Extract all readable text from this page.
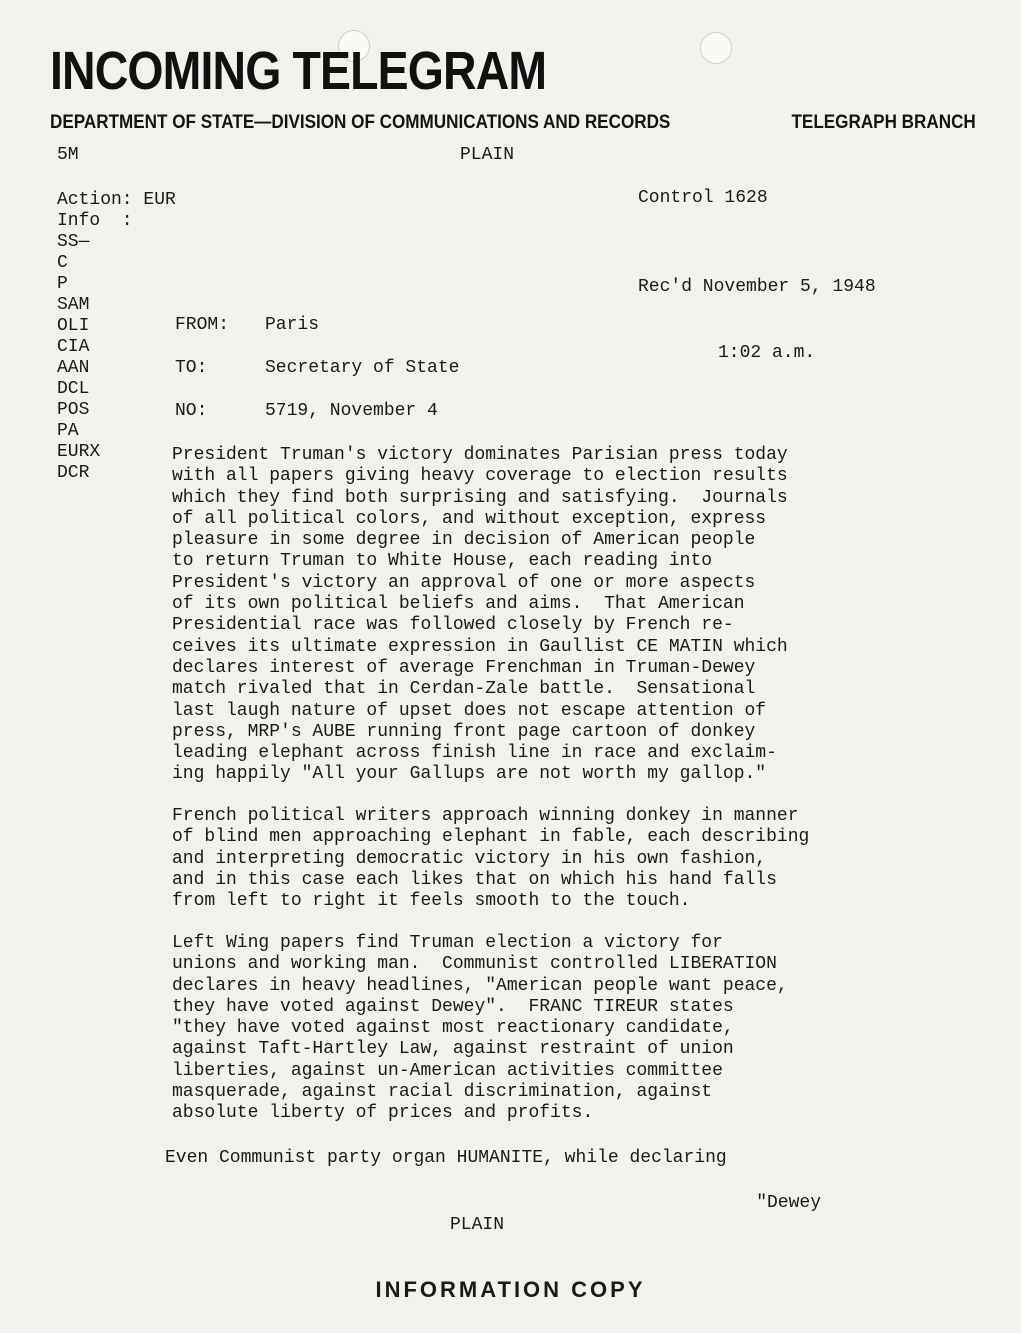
INCOMING TELEGRAM
DEPARTMENT OF STATE—DIVISION OF COMMUNICATIONS AND RECORDS	TELEGRAPH BRANCH
5M	PLAIN
Action: EUR
Info  :
SS—
C
P
SAM
OLI
CIA
AAN
DCL
POS
PA
EURX
DCR
Control 1628

Rec'd November 5, 1948

1:02 a.m.

FROM: Paris
TO:	Secretary of State
NO:	5719, November 4
President Truman's victory dominates Parisian press today
with all papers giving heavy coverage to election results
which they find both surprising and satisfying.  Journals
of all political colors, and without exception, express
pleasure in some degree in decision of American people
to return Truman to White House, each reading into
President's victory an approval of one or more aspects
of its own political beliefs and aims.  That American
Presidential race was followed closely by French re-
ceives its ultimate expression in Gaullist CE MATIN which
declares interest of average Frenchman in Truman-Dewey
match rivaled that in Cerdan-Zale battle.  Sensational
last laugh nature of upset does not escape attention of
press, MRP's AUBE running front page cartoon of donkey
leading elephant across finish line in race and exclaim-
ing happily "All your Gallups are not worth my gallop."
French political writers approach winning donkey in manner
of blind men approaching elephant in fable, each describing
and interpreting democratic victory in his own fashion,
and in this case each likes that on which his hand falls
from left to right it feels smooth to the touch.
Left Wing papers find Truman election a victory for
unions and working man.  Communist controlled LIBERATION
declares in heavy headlines, "American people want peace,
they have voted against Dewey".  FRANC TIREUR states
"they have voted against most reactionary candidate,
against Taft-Hartley Law, against restraint of union
liberties, against un-American activities committee
masquerade, against racial discrimination, against
absolute liberty of prices and profits.
Even Communist party organ HUMANITE, while declaring
"Dewey
PLAIN
INFORMATION COPY
